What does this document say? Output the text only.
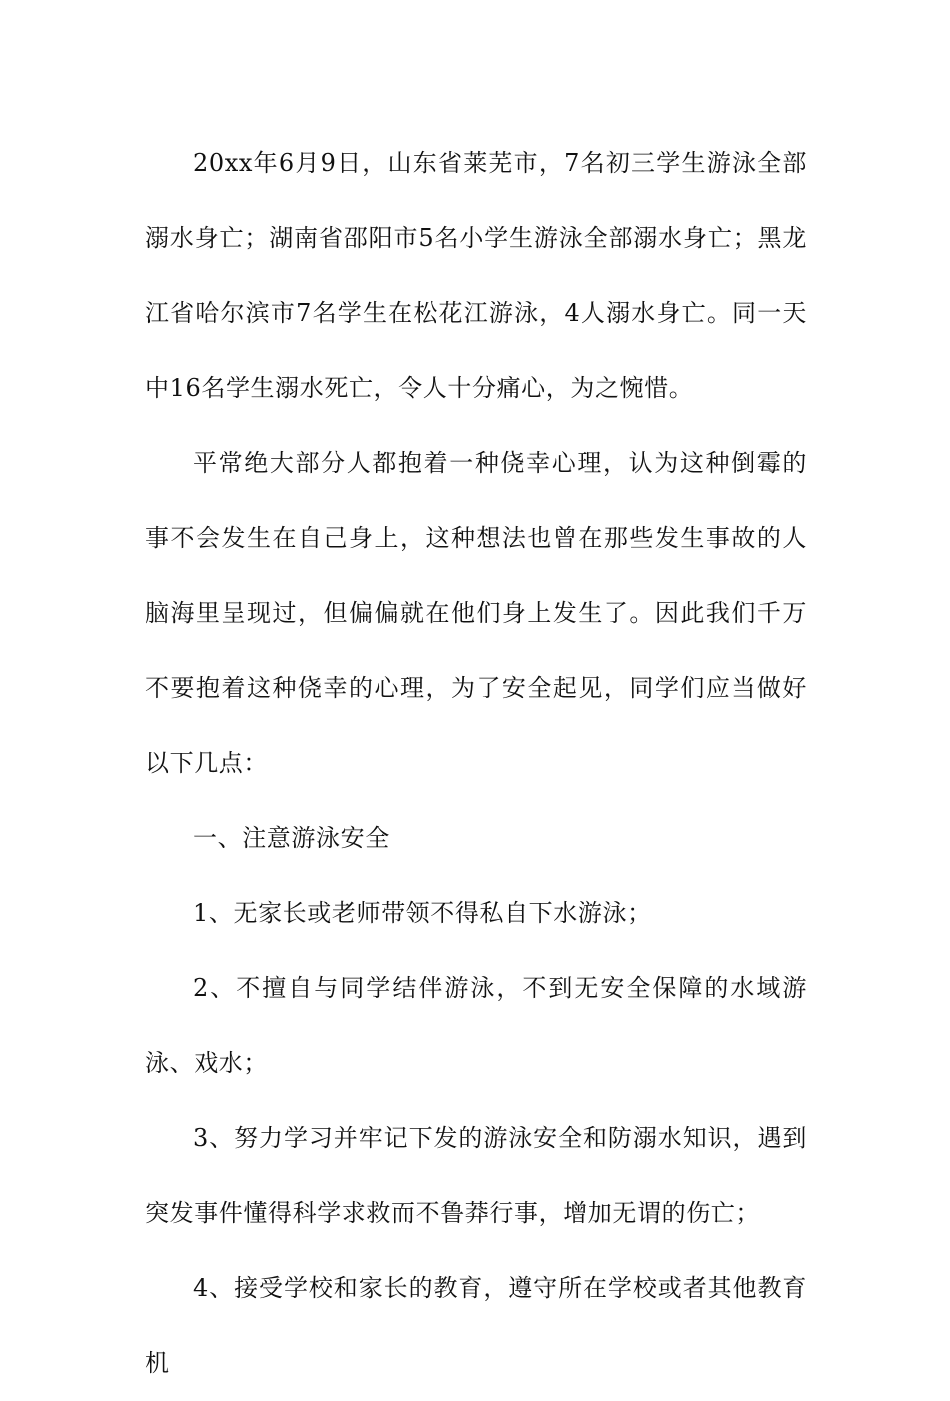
20xx年6月9日，山东省莱芜市，7名初三学生游泳全部溺水身亡；湖南省邵阳市5名小学生游泳全部溺水身亡；黑龙江省哈尔滨市7名学生在松花江游泳，4人溺水身亡。同一天中16名学生溺水死亡，令人十分痛心，为之惋惜。

平常绝大部分人都抱着一种侥幸心理，认为这种倒霉的事不会发生在自己身上，这种想法也曾在那些发生事故的人脑海里呈现过，但偏偏就在他们身上发生了。因此我们千万不要抱着这种侥幸的心理，为了安全起见，同学们应当做好以下几点：

一、注意游泳安全

1、无家长或老师带领不得私自下水游泳；

2、不擅自与同学结伴游泳，不到无安全保障的水域游泳、戏水；

3、努力学习并牢记下发的游泳安全和防溺水知识，遇到突发事件懂得科学求救而不鲁莽行事，增加无谓的伤亡；

4、接受学校和家长的教育，遵守所在学校或者其他教育机
